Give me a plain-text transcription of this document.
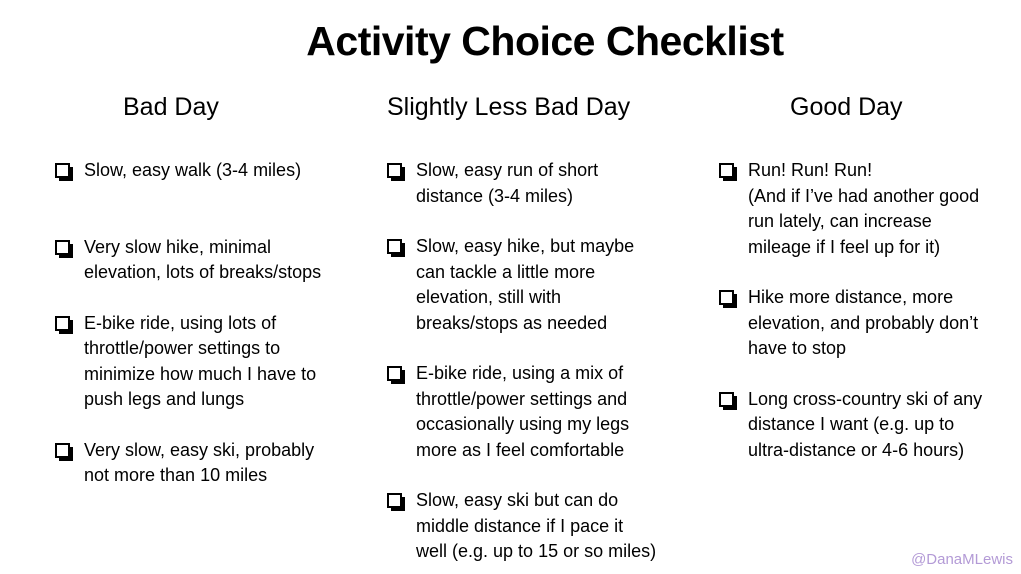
Activity Choice Checklist
Bad Day
Slow, easy walk (3-4 miles)
Very slow hike, minimal
elevation, lots of breaks/stops
E-bike ride, using lots of
throttle/power settings to
minimize how much I have to
push legs and lungs
Very slow, easy ski, probably
not more than 10 miles
Slightly Less Bad Day
Slow, easy run of short
distance (3-4 miles)
Slow, easy hike, but maybe
can tackle a little more
elevation, still with
breaks/stops as needed
E-bike ride, using a mix of
throttle/power settings and
occasionally using my legs
more as I feel comfortable
Slow, easy ski but can do
middle distance if I pace it
well (e.g. up to 15 or so miles)
Good Day
Run! Run! Run!
(And if I’ve had another good
run lately, can increase
mileage if I feel up for it)
Hike more distance, more
elevation, and probably don’t
have to stop
Long cross-country ski of any
distance I want (e.g. up to
ultra-distance or 4-6 hours)
@DanaMLewis
